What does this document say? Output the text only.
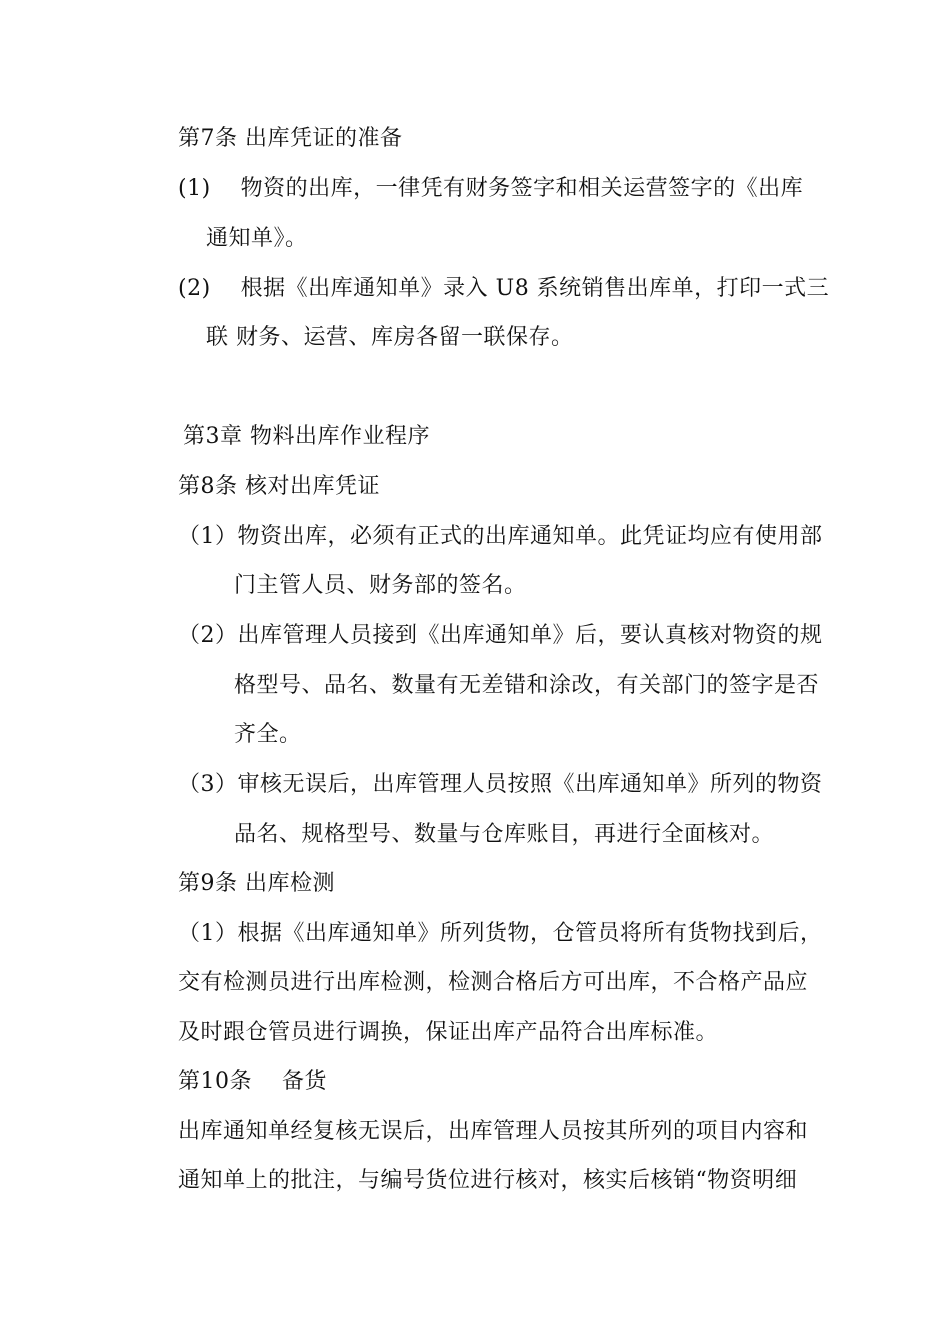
第7条 出库凭证的准备
(1)　 物资的出库，一律凭有财务签字和相关运营签字的《出库
通知单》。
(2)　 根据《出库通知单》录入 U8 系统销售出库单，打印一式三
联 财务、运营、库房各留一联保存。
第3章 物料出库作业程序
第8条 核对出库凭证
（1）物资出库，必须有正式的出库通知单。此凭证均应有使用部
门主管人员、财务部的签名。
（2）出库管理人员接到《出库通知单》后，要认真核对物资的规
格型号、品名、数量有无差错和涂改，有关部门的签字是否
齐全。
（3）审核无误后，出库管理人员按照《出库通知单》所列的物资
品名、规格型号、数量与仓库账目，再进行全面核对。
第9条 出库检测
（1）根据《出库通知单》所列货物，仓管员将所有货物找到后，
交有检测员进行出库检测，检测合格后方可出库，不合格产品应
及时跟仓管员进行调换，保证出库产品符合出库标准。
第10条　 备货
出库通知单经复核无误后，出库管理人员按其所列的项目内容和
通知单上的批注，与编号货位进行核对，核实后核销“物资明细
